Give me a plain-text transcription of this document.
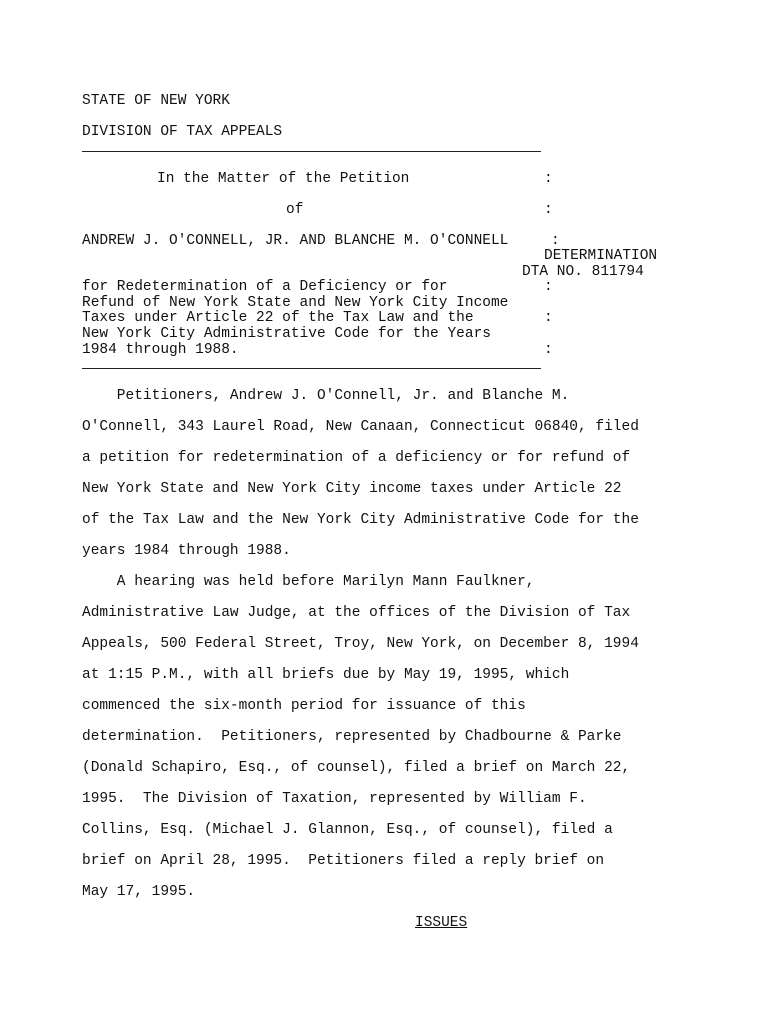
STATE OF NEW YORK
DIVISION OF TAX APPEALS
In the Matter of the Petition	:
of	:
ANDREW J. O'CONNELL, JR. AND BLANCHE M. O'CONNELL	:
DETERMINATION
DTA NO. 811794
for Redetermination of a Deficiency or for	:
Refund of New York State and New York City Income
Taxes under Article 22 of the Tax Law and the	:
New York City Administrative Code for the Years
1984 through 1988.	:
Petitioners, Andrew J. O'Connell, Jr. and Blanche M.
O'Connell, 343 Laurel Road, New Canaan, Connecticut 06840, filed
a petition for redetermination of a deficiency or for refund of
New York State and New York City income taxes under Article 22
of the Tax Law and the New York City Administrative Code for the
years 1984 through 1988.
A hearing was held before Marilyn Mann Faulkner,
Administrative Law Judge, at the offices of the Division of Tax
Appeals, 500 Federal Street, Troy, New York, on December 8, 1994
at 1:15 P.M., with all briefs due by May 19, 1995, which
commenced the six-month period for issuance of this
determination.  Petitioners, represented by Chadbourne & Parke
(Donald Schapiro, Esq., of counsel), filed a brief on March 22,
1995.  The Division of Taxation, represented by William F.
Collins, Esq. (Michael J. Glannon, Esq., of counsel), filed a
brief on April 28, 1995.  Petitioners filed a reply brief on
May 17, 1995.
ISSUES
